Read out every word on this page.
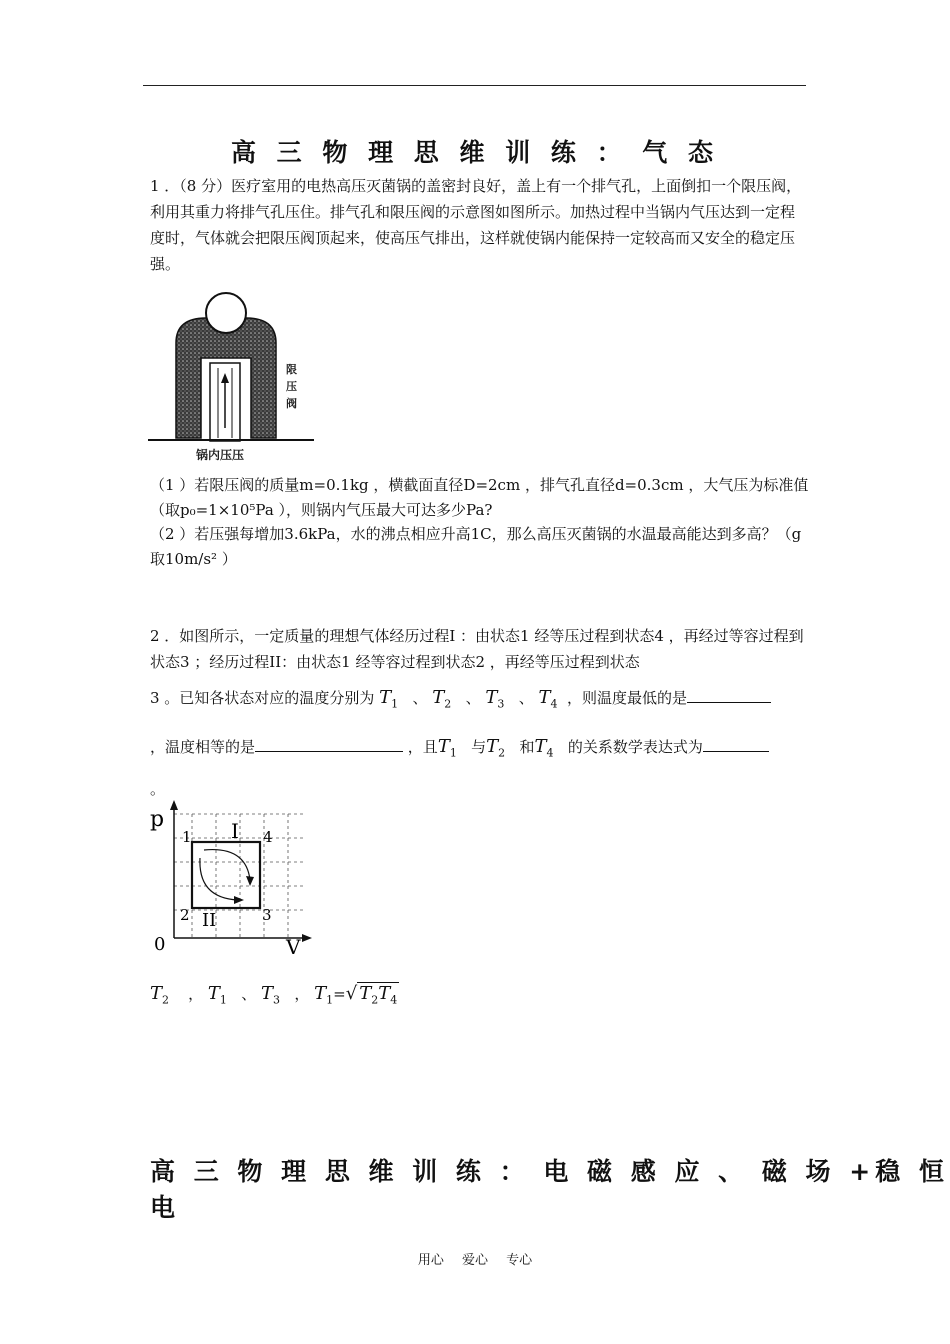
高 三 物 理 思 维 训 练 ： 气 态
1 ．（8 分）医疗室用的电热高压灭菌锅的盖密封良好，盖上有一个排气孔，上面倒扣一个限压阀，利用其重力将排气孔压住。排气孔和限压阀的示意图如图所示。加热过程中当锅内气压达到一定程度时，气体就会把限压阀顶起来，使高压气排出，这样就使锅内能保持一定较高而又安全的稳定压强。
限 压 阀
锅内压压
（1 ）若限压阀的质量m=0.1kg ，横截面直径D=2cm ，排气孔直径d=0.3cm ，大气压为标准值（取p₀=1×10⁵Pa ），则锅内气压最大可达多少Pa?
（2 ）若压强每增加3.6kPa，水的沸点相应升高1C，那么高压灭菌锅的水温最高能达到多高？（g 取10m/s² ）
2 ．如图所示，一定质量的理想气体经历过程I ：由状态1 经等压过程到状态4 ，再经过等容过程到状态3 ；经历过程II：由状态1 经等容过程到状态2 ，再经等压过程到状态
3 。已知各状态对应的温度分别为 $T_1$ 、 $T_2$ 、 $T_3$ 、 $T_4$ ，则温度最低的是
，温度相等的是	，且$T_1$ 与$T_2$ 和$T_4$ 的关系数学表达式为
。
p
V
0
1	4
2	3
I
II
$T_2$ ， $T_1$ 、 $T_3$ ， $T_1=√$ $T_2T_4$
高 三 物 理 思 维 训 练 ： 电 磁 感 应 、 磁 场 +稳 恒 电
用心 爱心 专心
